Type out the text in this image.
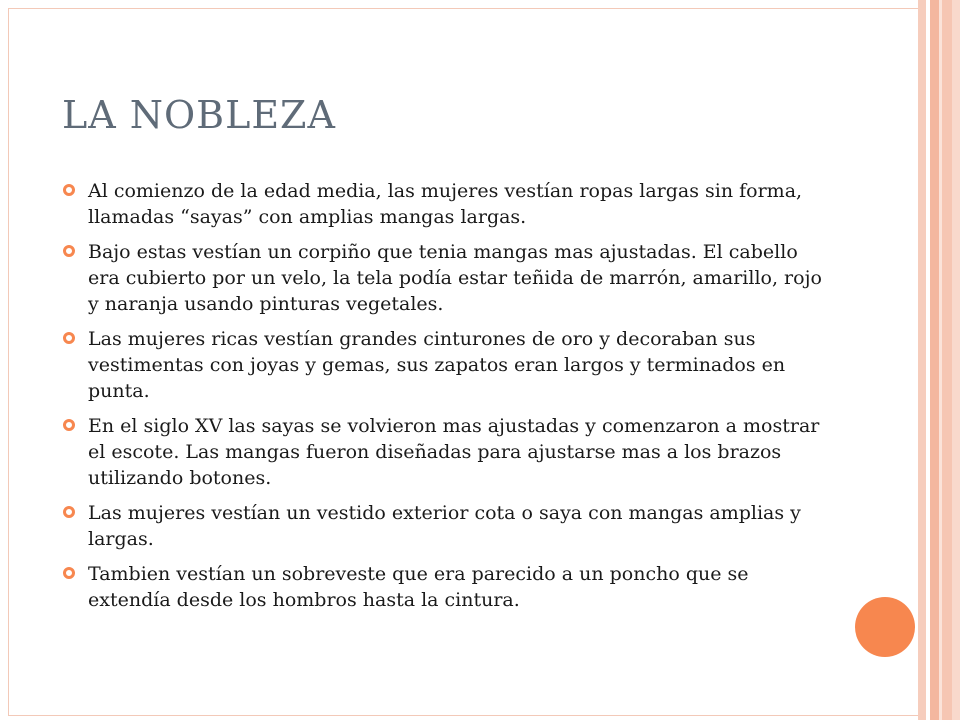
LA NOBLEZA
Al comienzo de la edad media, las mujeres vestían ropas largas sin forma, llamadas “sayas” con amplias mangas largas.
Bajo estas vestían un corpiño que tenia mangas mas ajustadas. El cabello era cubierto por un velo, la tela podía estar teñida de marrón, amarillo, rojo y naranja usando pinturas vegetales.
Las mujeres ricas vestían grandes cinturones de oro y decoraban sus vestimentas con joyas y gemas, sus zapatos eran largos y terminados en punta.
En el siglo XV las sayas se volvieron mas ajustadas y comenzaron a mostrar el escote. Las mangas fueron diseñadas para ajustarse mas a los brazos utilizando botones.
Las mujeres vestían un vestido exterior cota o saya con mangas amplias y largas.
Tambien vestían un sobreveste que era parecido a un poncho que se extendía desde los hombros hasta la cintura.
